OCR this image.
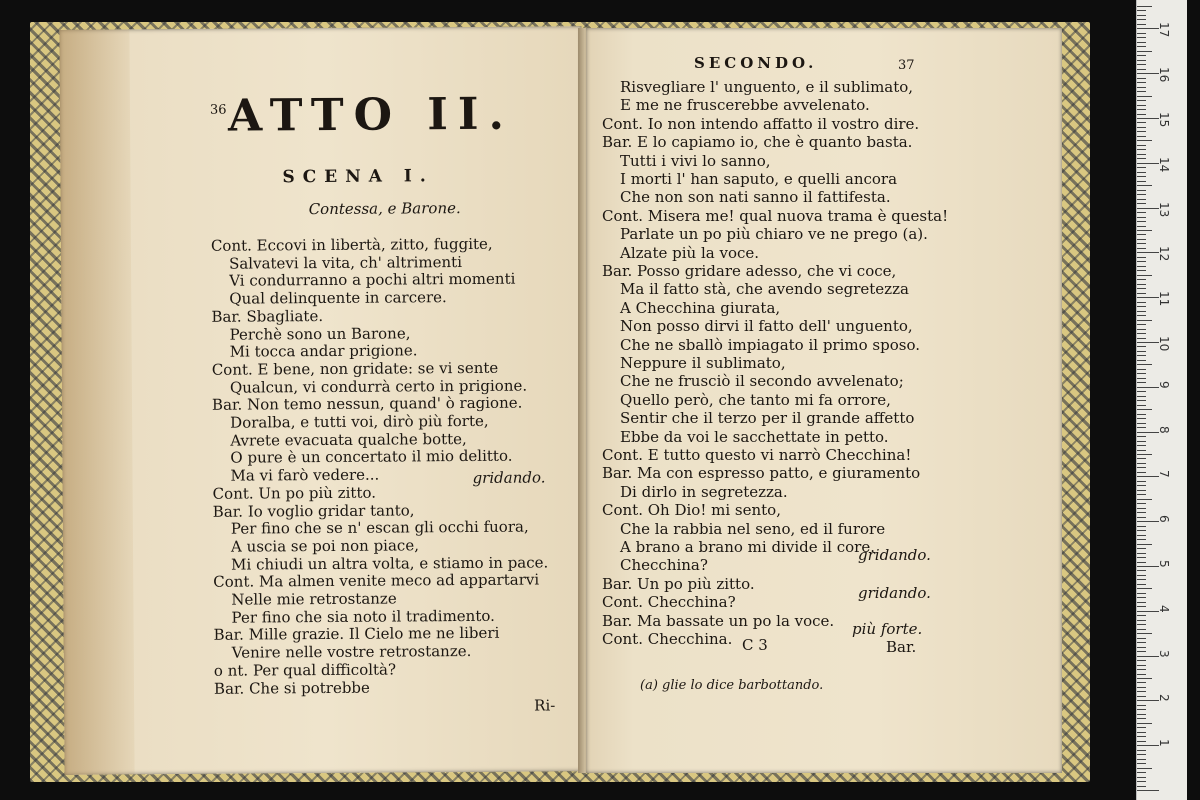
36 ATTO II.
SCENA I.
Contessa, e Barone.
Cont. Eccovi in libertà, zitto, fuggite,
Salvatevi la vita, ch' altrimenti
Vi condurranno a pochi altri momenti
Qual delinquente in carcere.
Bar. Sbagliate.
Perchè sono un Barone,
Mi tocca andar prigione.
Cont. E bene, non gridate: se vi sente
Qualcun, vi condurrà certo in prigione.
Bar. Non temo nessun, quand' ò ragione.
Doralba, e tutti voi, dirò più forte,
Avrete evacuata qualche botte,
O pure è un concertato il mio delitto.
Ma vi farò vedere...
Cont. Un po più zitto.
Bar. Io voglio gridar tanto,
Per fino che se n' escan gli occhi fuora,
A uscia se poi non piace,
Mi chiudi un altra volta, e stiamo in pace.
Cont. Ma almen venite meco ad appartarvi
Nelle mie retrostanze
Per fino che sia noto il tradimento.
Bar. Mille grazie. Il Cielo me ne liberi
Venire nelle vostre retrostanze.
o nt. Per qual difficoltà?
Bar. Che si potrebbe
gridando.
Ri-
SECONDO.	37
Risvegliare l' unguento, e il sublimato,
E me ne fruscerebbe avvelenato.
Cont. Io non intendo affatto il vostro dire.
Bar. E lo capiamo io, che è quanto basta.
Tutti i vivi lo sanno,
I morti l' han saputo, e quelli ancora
Che non son nati sanno il fattifesta.
Cont. Misera me! qual nuova trama è questa!
Parlate un po più chiaro ve ne prego (a).
Alzate più la voce.
Bar. Posso gridare adesso, che vi coce,
Ma il fatto stà, che avendo segretezza
A Checchina giurata,
Non posso dirvi il fatto dell' unguento,
Che ne sballò impiagato il primo sposo.
Neppure il sublimato,
Che ne frusciò il secondo avvelenato;
Quello però, che tanto mi fa orrore,
Sentir che il terzo per il grande affetto
Ebbe da voi le sacchettate in petto.
Cont. E tutto questo vi narrò Checchina!
Bar. Ma con espresso patto, e giuramento
Di dirlo in segretezza.
Cont. Oh Dio! mi sento,
Che la rabbia nel seno, ed il furore
A brano a brano mi divide il core.
Checchina?
Bar. Un po più zitto.
Cont. Checchina?
Bar. Ma bassate un po la voce.
Cont. Checchina.
gridando.
gridando.
più forte.
C 3	Bar.
(a) glie lo dice barbottando.
1
2
3
4
5
6
7
8
9
10
11
12
13
14
15
16
17
